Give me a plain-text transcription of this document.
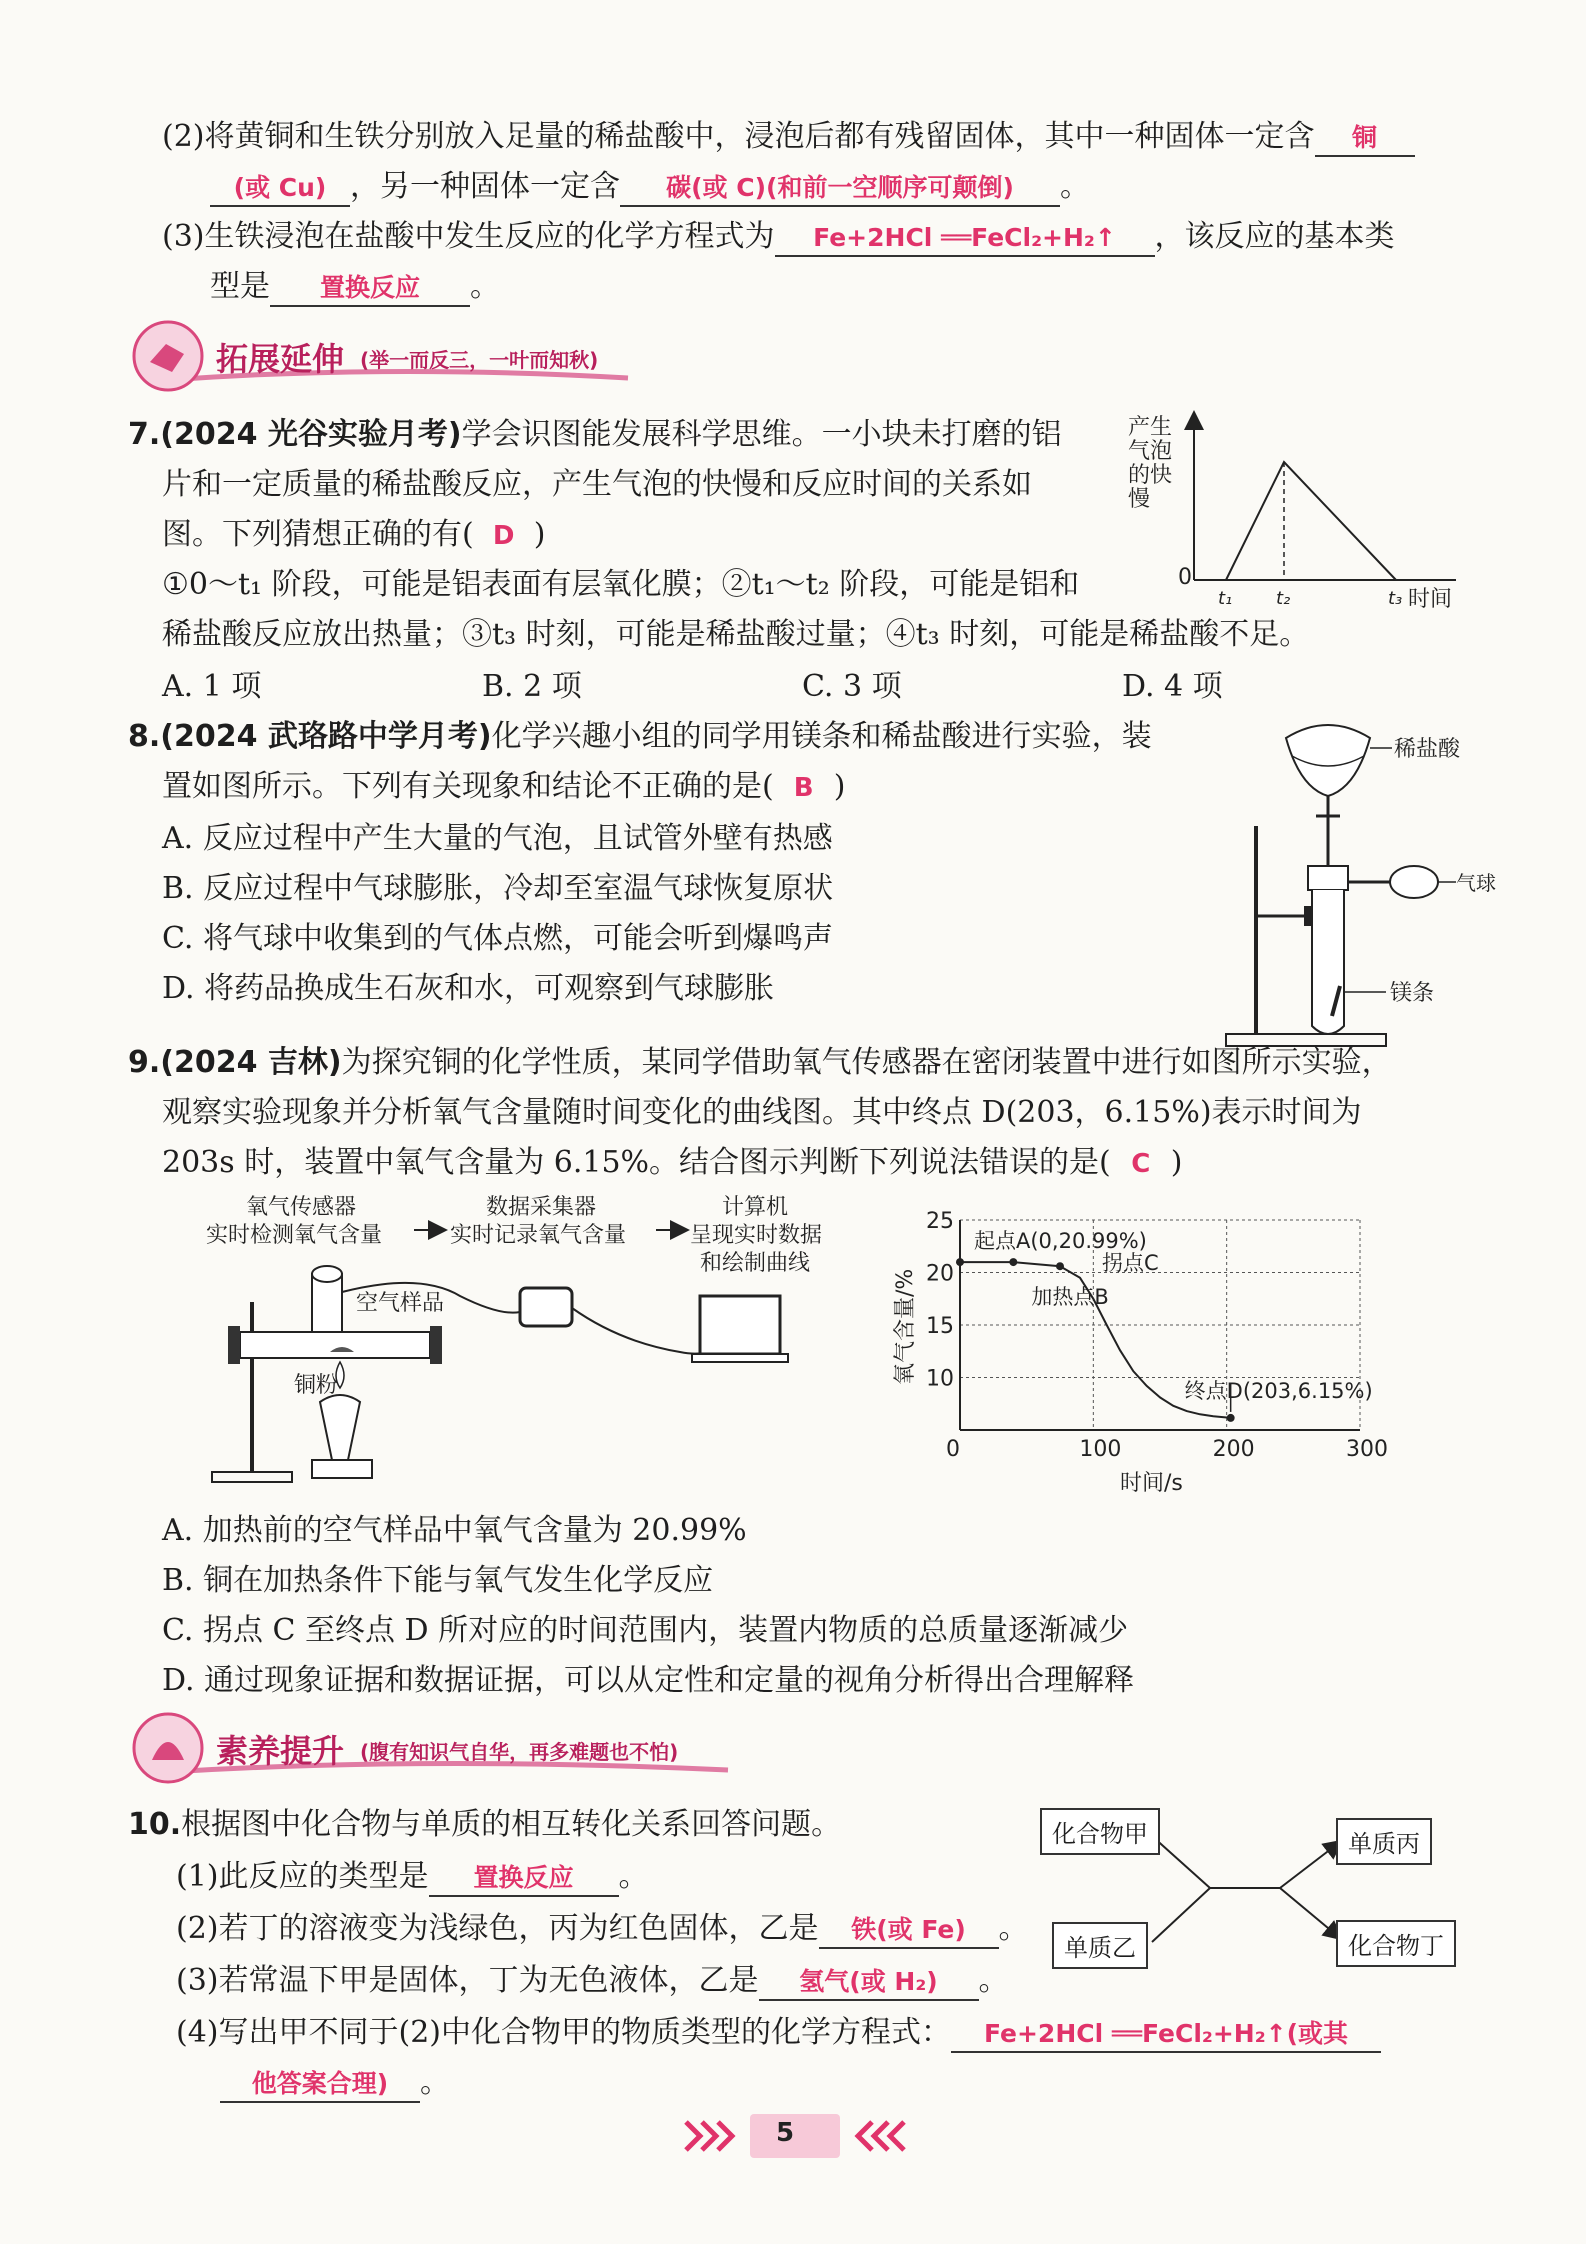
(2)将黄铜和生铁分别放入足量的稀盐酸中，浸泡后都有残留固体，其中一种固体一定含 铜
(或 Cu) ，另一种固体一定含 碳(或 C)(和前一空顺序可颠倒) 。
(3)生铁浸泡在盐酸中发生反应的化学方程式为 Fe+2HCl ══FeCl₂+H₂↑ ，该反应的基本类
型是 置换反应 。
拓展延伸 (举一而反三，一叶而知秋)
7.(2024 光谷实验月考)学会识图能发展科学思维。一小块未打磨的铝
片和一定质量的稀盐酸反应，产生气泡的快慢和反应时间的关系如
图。下列猜想正确的有( D )
①0～t₁ 阶段，可能是铝表面有层氧化膜；②t₁～t₂ 阶段，可能是铝和
稀盐酸反应放出热量；③t₃ 时刻，可能是稀盐酸过量；④t₃ 时刻，可能是稀盐酸不足。
A. 1 项	B. 2 项	C. 3 项	D. 4 项
产生
气泡
的快
慢
0
t₁ t₂	t₃ 时间
8.(2024 武珞路中学月考)化学兴趣小组的同学用镁条和稀盐酸进行实验，装
置如图所示。下列有关现象和结论不正确的是( B )
A. 反应过程中产生大量的气泡，且试管外壁有热感
B. 反应过程中气球膨胀，冷却至室温气球恢复原状
C. 将气球中收集到的气体点燃，可能会听到爆鸣声
D. 将药品换成生石灰和水，可观察到气球膨胀
稀盐酸
气球
镁条
9.(2024 吉林)为探究铜的化学性质，某同学借助氧气传感器在密闭装置中进行如图所示实验，
观察实验现象并分析氧气含量随时间变化的曲线图。其中终点 D(203，6.15%)表示时间为
203s 时，装置中氧气含量为 6.15%。结合图示判断下列说法错误的是( C )
氧气传感器
实时检测氧气含量
数据采集器
实时记录氧气含量
计算机
呈现实时数据
和绘制曲线
空气样品
铜粉
0	100	200	300
10
15
20
25
起点A(0,20.99%)
加热点B
拐点C
终点D(203,6.15%)
时间/s
氧气含量/%
A. 加热前的空气样品中氧气含量为 20.99%
B. 铜在加热条件下能与氧气发生化学反应
C. 拐点 C 至终点 D 所对应的时间范围内，装置内物质的总质量逐渐减少
D. 通过现象证据和数据证据，可以从定性和定量的视角分析得出合理解释
素养提升 (腹有知识气自华，再多难题也不怕)
10.根据图中化合物与单质的相互转化关系回答问题。
(1)此反应的类型是 置换反应 。
(2)若丁的溶液变为浅绿色，丙为红色固体，乙是 铁(或 Fe) 。
(3)若常温下甲是固体，丁为无色液体，乙是 氢气(或 H₂) 。
(4)写出甲不同于(2)中化合物甲的物质类型的化学方程式： Fe+2HCl ══FeCl₂+H₂↑(或其
他答案合理) 。
化合物甲
单质乙
单质丙
化合物丁
5
